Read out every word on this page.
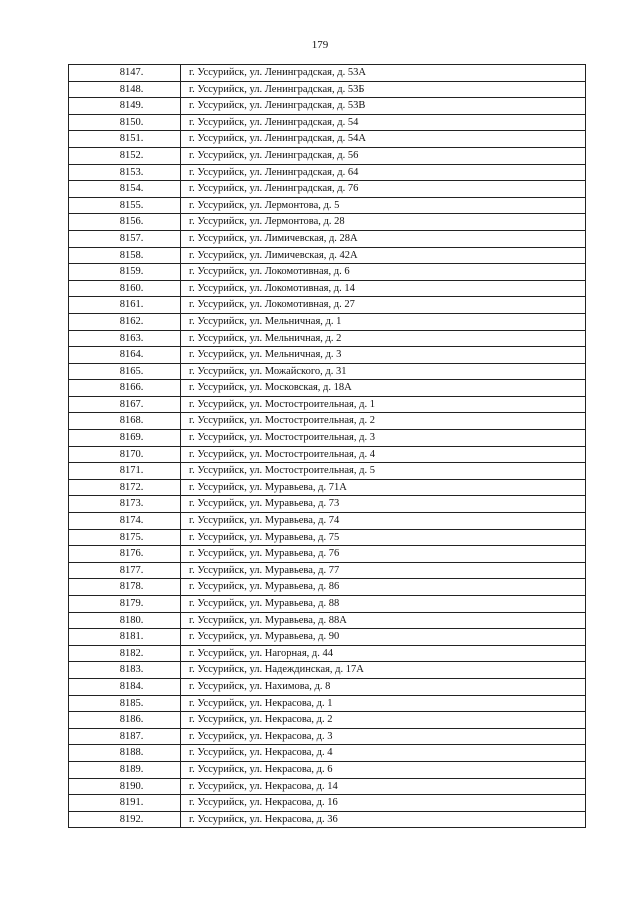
179
8147.	г. Уссурийск, ул. Ленинградская, д. 53А
8148.	г. Уссурийск, ул. Ленинградская, д. 53Б
8149.	г. Уссурийск, ул. Ленинградская, д. 53В
8150.	г. Уссурийск, ул. Ленинградская, д. 54
8151.	г. Уссурийск, ул. Ленинградская, д. 54А
8152.	г. Уссурийск, ул. Ленинградская, д. 56
8153.	г. Уссурийск, ул. Ленинградская, д. 64
8154.	г. Уссурийск, ул. Ленинградская, д. 76
8155.	г. Уссурийск, ул. Лермонтова, д. 5
8156.	г. Уссурийск, ул. Лермонтова, д. 28
8157.	г. Уссурийск, ул. Лимичевская, д. 28А
8158.	г. Уссурийск, ул. Лимичевская, д. 42А
8159.	г. Уссурийск, ул. Локомотивная, д. 6
8160.	г. Уссурийск, ул. Локомотивная, д. 14
8161.	г. Уссурийск, ул. Локомотивная, д. 27
8162.	г. Уссурийск, ул. Мельничная, д. 1
8163.	г. Уссурийск, ул. Мельничная, д. 2
8164.	г. Уссурийск, ул. Мельничная, д. 3
8165.	г. Уссурийск, ул. Можайского, д. 31
8166.	г. Уссурийск, ул. Московская, д. 18А
8167.	г. Уссурийск, ул. Мостостроительная, д. 1
8168.	г. Уссурийск, ул. Мостостроительная, д. 2
8169.	г. Уссурийск, ул. Мостостроительная, д. 3
8170.	г. Уссурийск, ул. Мостостроительная, д. 4
8171.	г. Уссурийск, ул. Мостостроительная, д. 5
8172.	г. Уссурийск, ул. Муравьева, д. 71А
8173.	г. Уссурийск, ул. Муравьева, д. 73
8174.	г. Уссурийск, ул. Муравьева, д. 74
8175.	г. Уссурийск, ул. Муравьева, д. 75
8176.	г. Уссурийск, ул. Муравьева, д. 76
8177.	г. Уссурийск, ул. Муравьева, д. 77
8178.	г. Уссурийск, ул. Муравьева, д. 86
8179.	г. Уссурийск, ул. Муравьева, д. 88
8180.	г. Уссурийск, ул. Муравьева, д. 88А
8181.	г. Уссурийск, ул. Муравьева, д. 90
8182.	г. Уссурийск, ул. Нагорная, д. 44
8183.	г. Уссурийск, ул. Надеждинская, д. 17А
8184.	г. Уссурийск, ул. Нахимова, д. 8
8185.	г. Уссурийск, ул. Некрасова, д. 1
8186.	г. Уссурийск, ул. Некрасова, д. 2
8187.	г. Уссурийск, ул. Некрасова, д. 3
8188.	г. Уссурийск, ул. Некрасова, д. 4
8189.	г. Уссурийск, ул. Некрасова, д. 6
8190.	г. Уссурийск, ул. Некрасова, д. 14
8191.	г. Уссурийск, ул. Некрасова, д. 16
8192.	г. Уссурийск, ул. Некрасова, д. 36
